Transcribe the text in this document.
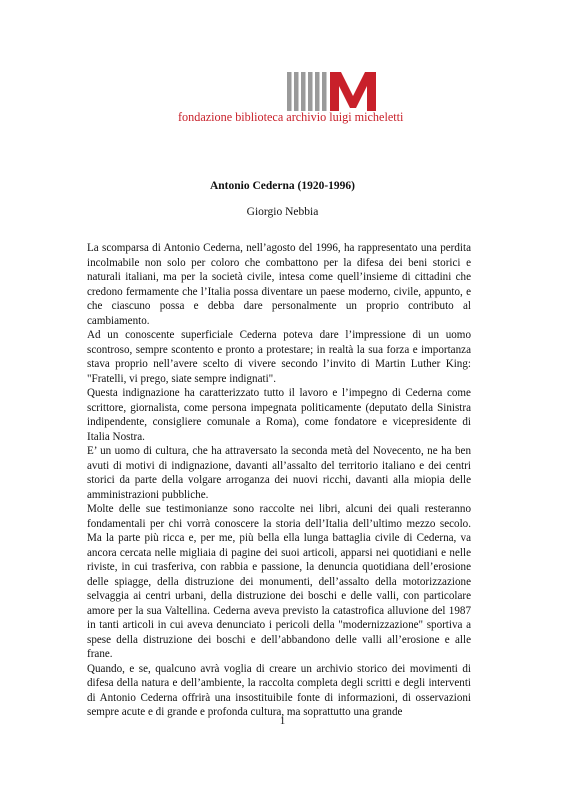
fondazione biblioteca archivio luigi micheletti
Antonio Cederna (1920-1996)
Giorgio Nebbia

La scomparsa di Antonio Cederna, nell’agosto del 1996, ha rappresentato una perdita incolmabile non solo per coloro che combattono per la difesa dei beni storici e naturali italiani, ma per la società civile, intesa come quell’insieme di cittadini che credono fermamente che l’Italia possa diventare un paese moderno, civile, appunto, e che ciascuno possa e debba dare personalmente un proprio contributo al cambiamento.

Ad un conoscente superficiale Cederna poteva dare l’impressione di un uomo scontroso, sempre scontento e pronto a protestare; in realtà la sua forza e importanza stava proprio nell’avere scelto di vivere secondo l’invito di Martin Luther King: "Fratelli, vi prego, siate sempre indignati".

Questa indignazione ha caratterizzato tutto il lavoro e l’impegno di Cederna come scrittore, giornalista, come persona impegnata politicamente (deputato della Sinistra indipendente, consigliere comunale a Roma), come fondatore e vicepresidente di Italia Nostra.

E’ un uomo di cultura, che ha attraversato la seconda metà del Novecento, ne ha ben avuti di motivi di indignazione, davanti all’assalto del territorio italiano e dei centri storici da parte della volgare arroganza dei nuovi ricchi, davanti alla miopia delle amministrazioni pubbliche.

Molte delle sue testimonianze sono raccolte nei libri, alcuni dei quali resteranno fondamentali per chi vorrà conoscere la storia dell’Italia dell’ultimo mezzo secolo. Ma la parte più ricca e, per me, più bella ella lunga battaglia civile di Cederna, va ancora cercata nelle migliaia di pagine dei suoi articoli, apparsi nei quotidiani e nelle riviste, in cui trasferiva, con rabbia e passione, la denuncia quotidiana dell’erosione delle spiagge, della distruzione dei monumenti, dell’assalto della motorizzazione selvaggia ai centri urbani, della distruzione dei boschi e delle valli, con particolare amore per la sua Valtellina. Cederna aveva previsto la catastrofica alluvione del 1987 in tanti articoli in cui aveva denunciato i pericoli della "modernizzazione" sportiva a spese della distruzione dei boschi e dell’abbandono delle valli all’erosione e alle frane.

Quando, e se, qualcuno avrà voglia di creare un archivio storico dei movimenti di difesa della natura e dell’ambiente, la raccolta completa degli scritti e degli interventi di Antonio Cederna offrirà una insostituibile fonte di informazioni, di osservazioni sempre acute e di grande e profonda cultura, ma soprattutto una grande

1
